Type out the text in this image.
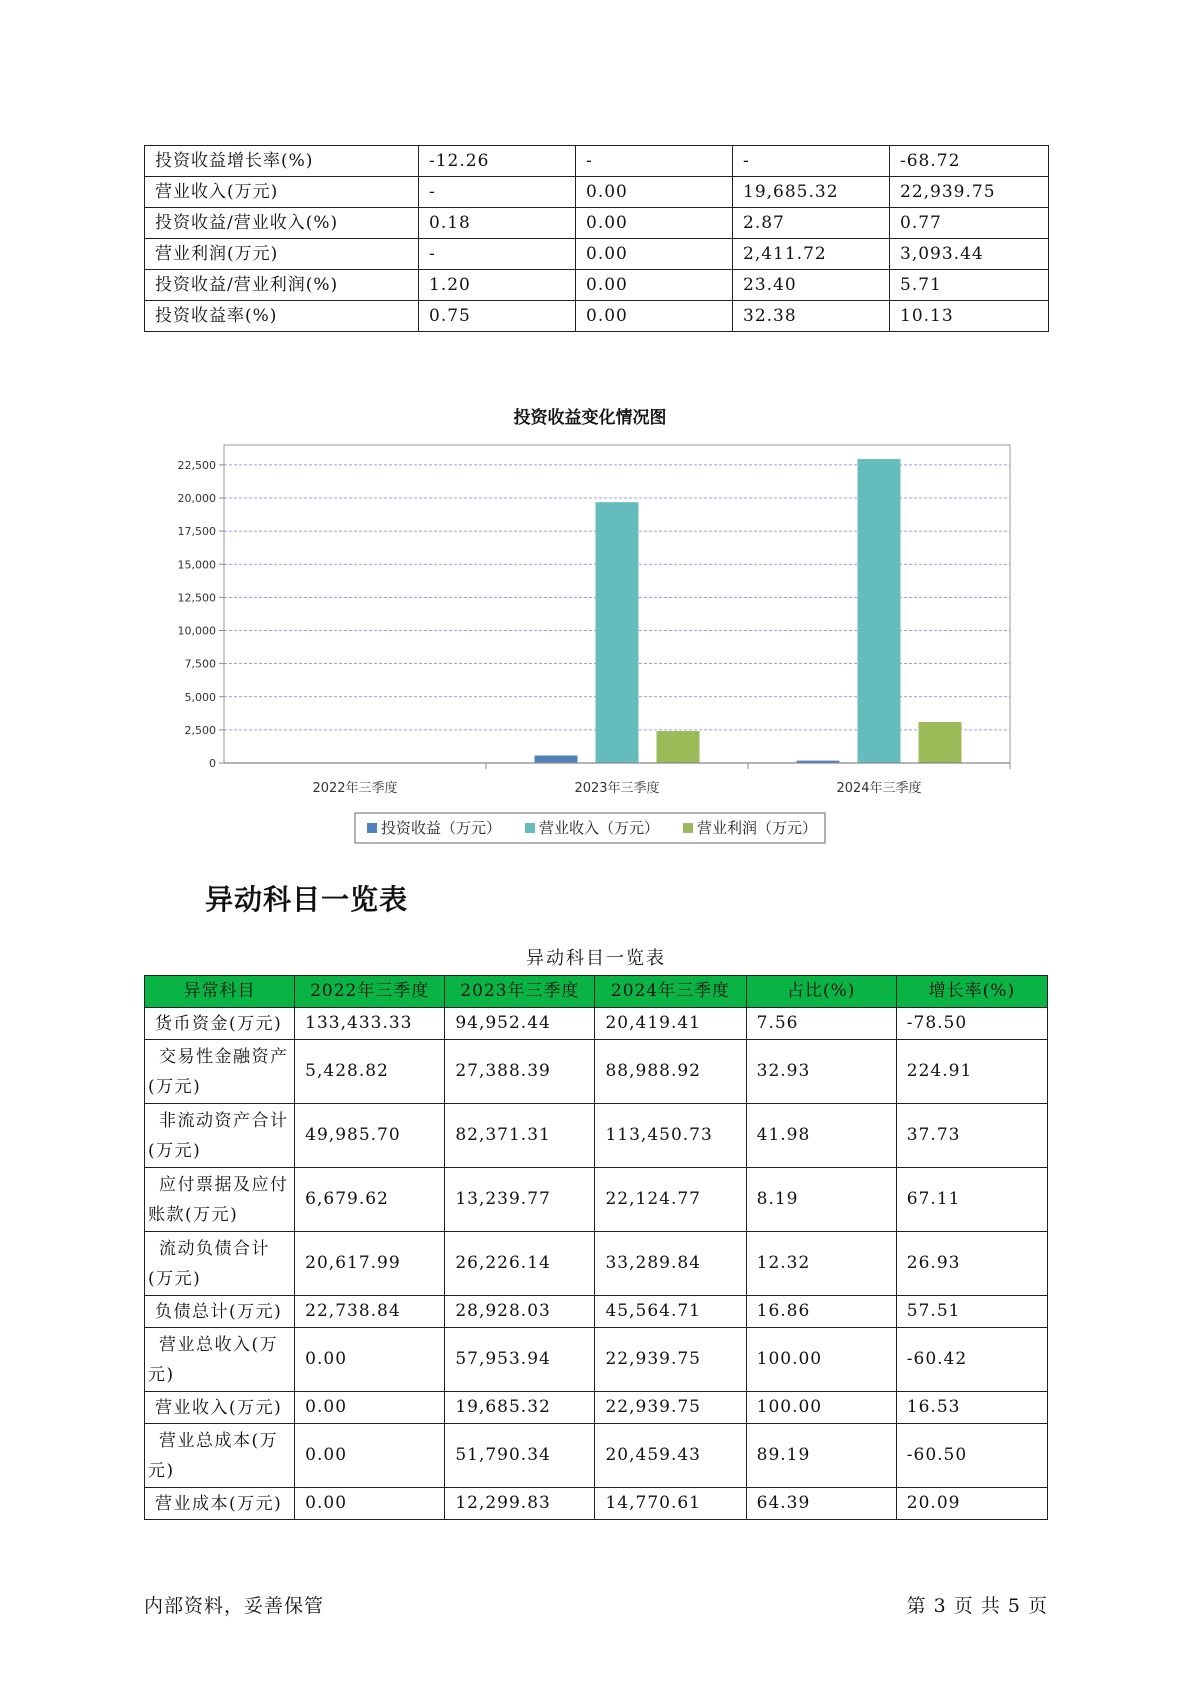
投资收益增长率(%)	-12.26	-	-	-68.72
营业收入(万元)	-	0.00	19,685.32	22,939.75
投资收益/营业收入(%)	0.18	0.00	2.87	0.77
营业利润(万元)	-	0.00	2,411.72	3,093.44
投资收益/营业利润(%)	1.20	0.00	23.40	5.71
投资收益率(%)	0.75	0.00	32.38	10.13
投资收益变化情况图
0
2,500
5,000
7,500
10,000
12,500
15,000
17,500
20,000
22,500
2022年三季度	2023年三季度	2024年三季度
投资收益（万元）	营业收入（万元）	营业利润（万元）
异动科目一览表
异动科目一览表
异常科目	2022年三季度	2023年三季度	2024年三季度	占比(%)	增长率(%)
货币资金(万元)	133,433.33	94,952.44	20,419.41	7.56	-78.50
交易性金融资产(万元)	5,428.82	27,388.39	88,988.92	32.93	224.91
非流动资产合计(万元)	49,985.70	82,371.31	113,450.73	41.98	37.73
应付票据及应付账款(万元)	6,679.62	13,239.77	22,124.77	8.19	67.11
流动负债合计(万元)	20,617.99	26,226.14	33,289.84	12.32	26.93
负债总计(万元)	22,738.84	28,928.03	45,564.71	16.86	57.51
营业总收入(万元)	0.00	57,953.94	22,939.75	100.00	-60.42
营业收入(万元)	0.00	19,685.32	22,939.75	100.00	16.53
营业总成本(万元)	0.00	51,790.34	20,459.43	89.19	-60.50
营业成本(万元)	0.00	12,299.83	14,770.61	64.39	20.09
内部资料，妥善保管	第 3 页 共 5 页
